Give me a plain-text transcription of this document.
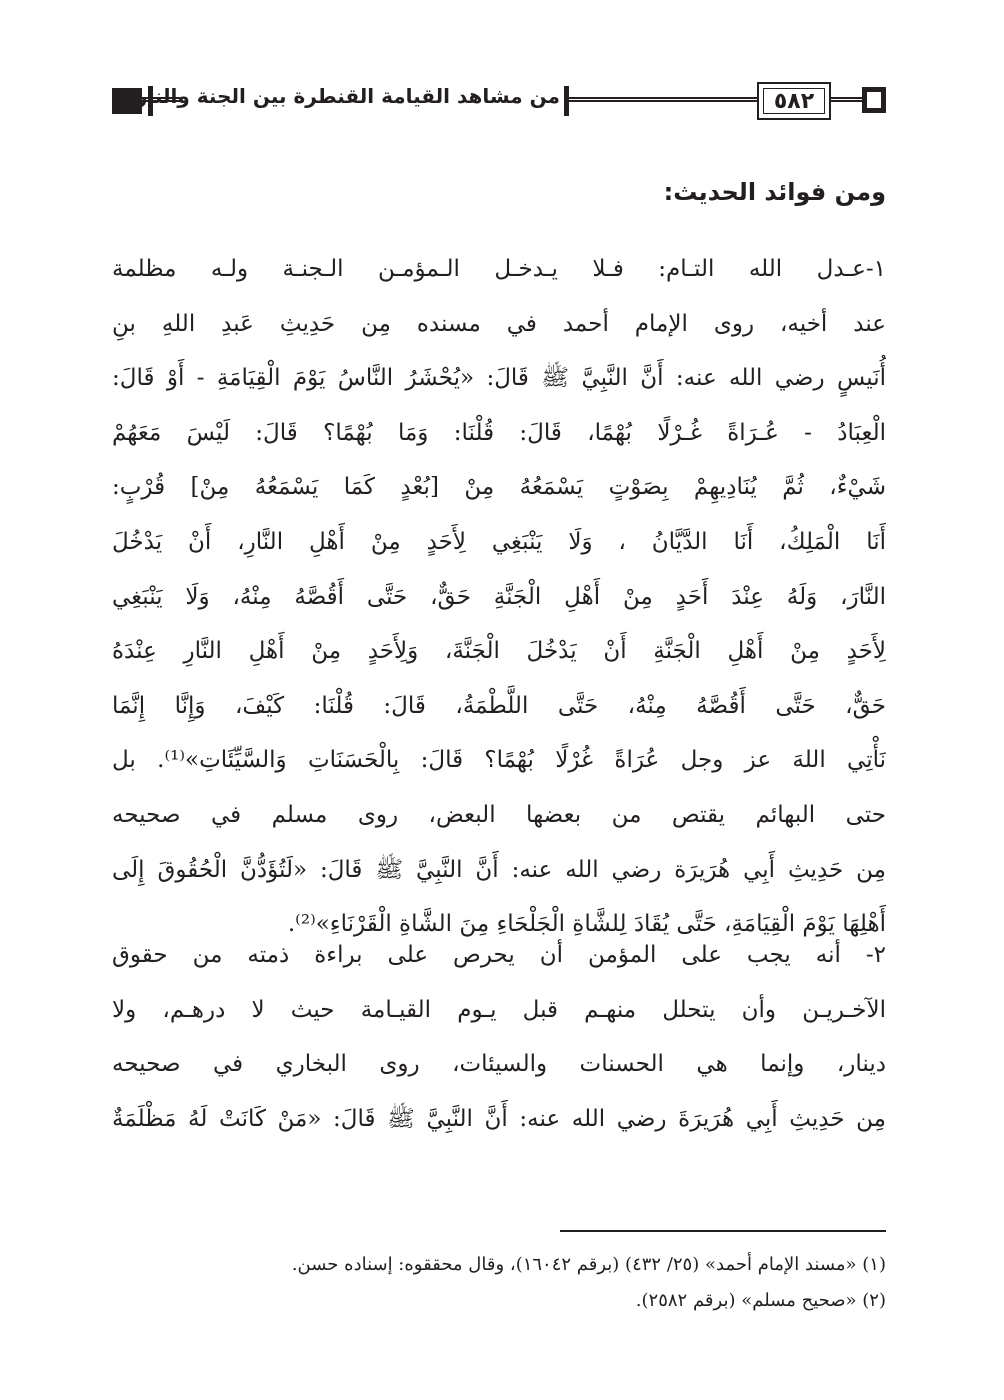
من مشاهد القيامة القنطرة بين الجنة والنار	٥٨٢
ومن فوائد الحديث:
١-عـدل الله التـام: فـلا يـدخـل الـمؤمـن الـجنـة ولـه مظلمة
عند أخيه، روى الإمام أحمد في مسنده مِن حَدِيثِ عَبدِ اللهِ بنِ
أُنَيسٍ رضي الله عنه: أَنَّ النَّبِيَّ ﷺ قَالَ: «يُحْشَرُ النَّاسُ يَوْمَ الْقِيَامَةِ - أَوْ قَالَ:
الْعِبَادُ - عُـرَاةً غُـرْلًا بُهْمًا، قَالَ: قُلْنَا: وَمَا بُهْمًا؟ قَالَ: لَيْسَ مَعَهُمْ
شَيْءٌ، ثُمَّ يُنَادِيهِمْ بِصَوْتٍ يَسْمَعُهُ مِنْ [بُعْدٍ كَمَا يَسْمَعُهُ مِنْ] قُرْبٍ:
أَنَا الْمَلِكُ، أَنَا الدَّيَّانُ ، وَلَا يَنْبَغِي لِأَحَدٍ مِنْ أَهْلِ النَّارِ، أَنْ يَدْخُلَ
النَّارَ، وَلَهُ عِنْدَ أَحَدٍ مِنْ أَهْلِ الْجَنَّةِ حَقٌّ، حَتَّى أَقُصَّهُ مِنْهُ، وَلَا يَنْبَغِي
لِأَحَدٍ مِنْ أَهْلِ الْجَنَّةِ أَنْ يَدْخُلَ الْجَنَّةَ، وَلِأَحَدٍ مِنْ أَهْلِ النَّارِ عِنْدَهُ
حَقٌّ، حَتَّى أَقُصَّهُ مِنْهُ، حَتَّى اللَّطْمَةُ، قَالَ: قُلْنَا: كَيْفَ، وَإِنَّا إِنَّمَا
نَأْتِي اللهَ عز وجل عُرَاةً غُرْلًا بُهْمًا؟ قَالَ: بِالْحَسَنَاتِ وَالسَّيِّئَاتِ»⁽¹⁾. بل
حتى البهائم يقتص من بعضها البعض، روى مسلم في صحيحه
مِن حَدِيثِ أَبِي هُرَيرَة رضي الله عنه: أَنَّ النَّبِيَّ ﷺ قَالَ: «لَتُؤَدُّنَّ الْحُقُوقَ إِلَى
أَهْلِهَا يَوْمَ الْقِيَامَةِ، حَتَّى يُقَادَ لِلشَّاةِ الْجَلْحَاءِ مِنَ الشَّاةِ الْقَرْنَاءِ»⁽²⁾.
٢- أنه يجب على المؤمن أن يحرص على براءة ذمته من حقوق
الآخـريـن وأن يتحلل منهـم قبل يـوم القيـامة حيث لا درهـم، ولا
دينار، وإنما هي الحسنات والسيئات، روى البخاري في صحيحه
مِن حَدِيثِ أَبِي هُرَيرَةَ رضي الله عنه: أَنَّ النَّبِيَّ ﷺ قَالَ: «مَنْ كَانَتْ لَهُ مَظْلَمَةٌ
(١) «مسند الإمام أحمد» (٢٥/ ٤٣٢) (برقم ١٦٠٤٢)، وقال محققوه: إسناده حسن.
(٢) «صحيح مسلم» (برقم ٢٥٨٢).
